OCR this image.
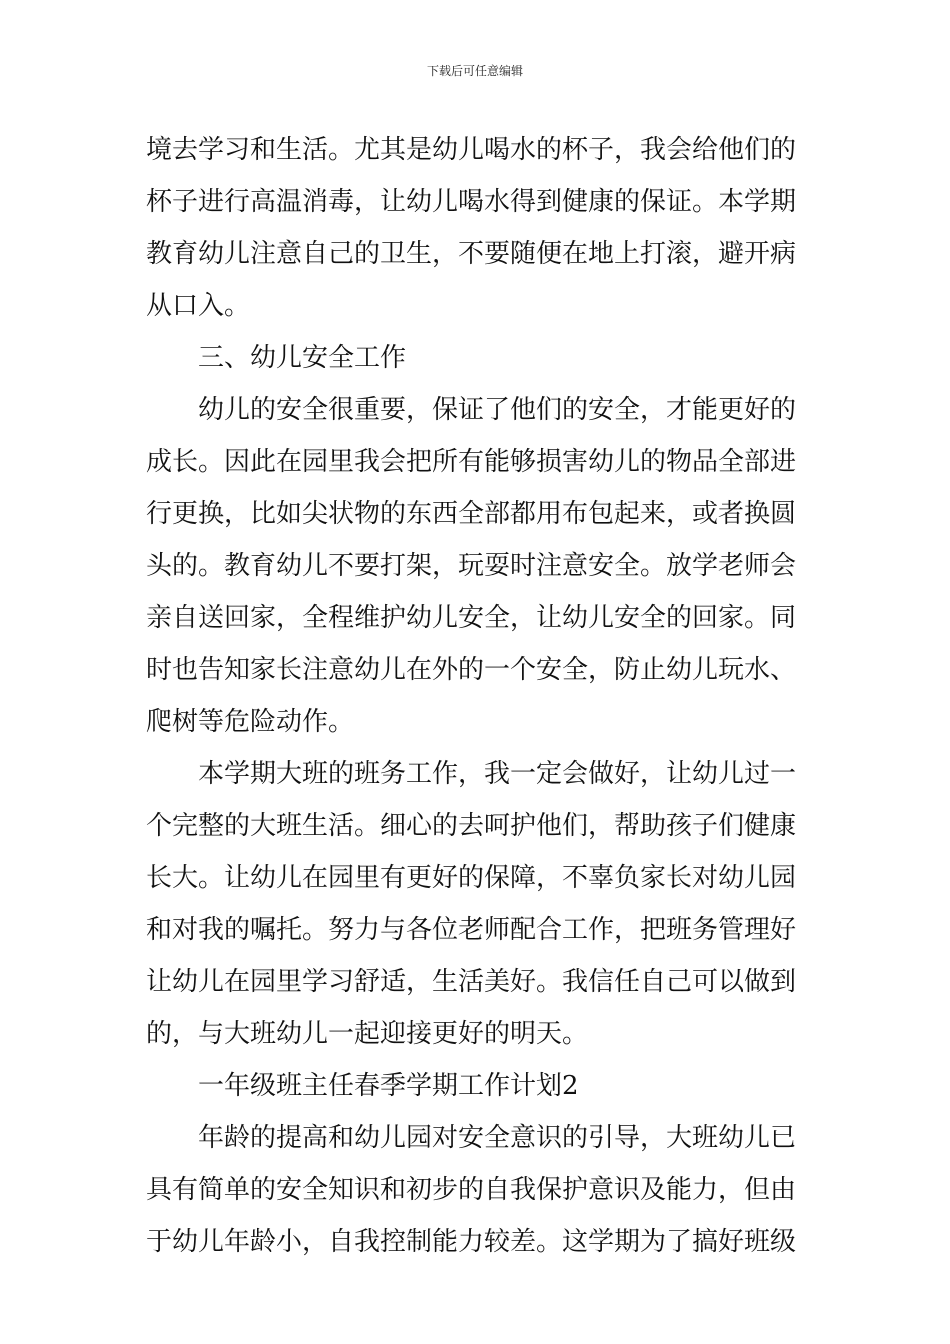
下载后可任意编辑

境去学习和生活。尤其是幼儿喝水的杯子，我会给他们的

杯子进行高温消毒，让幼儿喝水得到健康的保证。本学期

教育幼儿注意自己的卫生，不要随便在地上打滚，避开病

从口入。

三、幼儿安全工作

幼儿的安全很重要，保证了他们的安全，才能更好的

成长。因此在园里我会把所有能够损害幼儿的物品全部进

行更换，比如尖状物的东西全部都用布包起来，或者换圆

头的。教育幼儿不要打架，玩耍时注意安全。放学老师会

亲自送回家，全程维护幼儿安全，让幼儿安全的回家。同

时也告知家长注意幼儿在外的一个安全，防止幼儿玩水、

爬树等危险动作。

本学期大班的班务工作，我一定会做好，让幼儿过一

个完整的大班生活。细心的去呵护他们，帮助孩子们健康

长大。让幼儿在园里有更好的保障，不辜负家长对幼儿园

和对我的嘱托。努力与各位老师配合工作，把班务管理好

让幼儿在园里学习舒适，生活美好。我信任自己可以做到

的，与大班幼儿一起迎接更好的明天。

一年级班主任春季学期工作计划2

年龄的提高和幼儿园对安全意识的引导，大班幼儿已

具有简单的安全知识和初步的自我保护意识及能力，但由

于幼儿年龄小，自我控制能力较差。这学期为了搞好班级
